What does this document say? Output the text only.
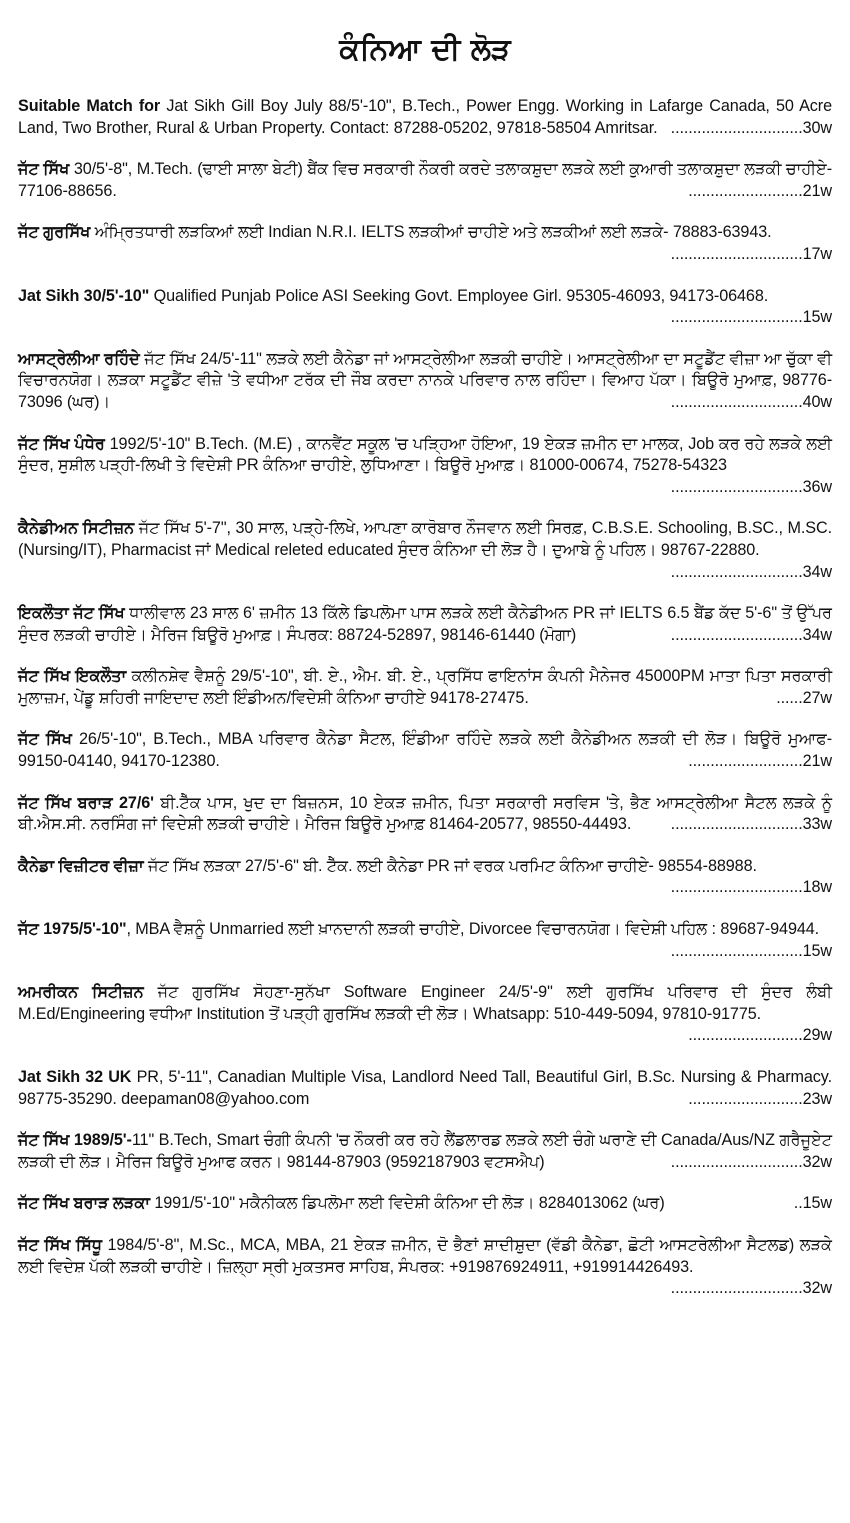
ਕੰਨਿਆ ਦੀ ਲੋੜ
Suitable Match for Jat Sikh Gill Boy July 88/5'-10", B.Tech., Power Engg. Working in Lafarge Canada, 50 Acre Land, Two Brother, Rural & Urban Property. Contact: 87288-05202, 97818-58504 Amritsar. ..............................30w
ਜੱਟ ਸਿੱਖ 30/5'-8", M.Tech. (ਢਾਈ ਸਾਲਾ ਬੇਟੀ) ਬੈਂਕ ਵਿਚ ਸਰਕਾਰੀ ਨੌਕਰੀ ਕਰਦੇ ਤਲਾਕਸ਼ੁਦਾ ਲੜਕੇ ਲਈ ਕੁਆਰੀ ਤਲਾਕਸ਼ੁਦਾ ਲੜਕੀ ਚਾਹੀਏ- 77106-88656.	..........................21w
ਜੱਟ ਗੁਰਸਿੱਖ ਅੰਮ੍ਰਿਤਧਾਰੀ ਲੜਕਿਆਂ ਲਈ Indian N.R.I. IELTS ਲੜਕੀਆਂ ਚਾਹੀਏ ਅਤੇ ਲੜਕੀਆਂ ਲਈ ਲੜਕੇ- 78883-63943.
..............................17w
Jat Sikh 30/5'-10" Qualified Punjab Police ASI Seeking Govt. Employee Girl. 95305-46093, 94173-06468.
..............................15w
ਆਸਟ੍ਰੇਲੀਆ ਰਹਿੰਦੇ ਜੱਟ ਸਿੱਖ 24/5'-11" ਲੜਕੇ ਲਈ ਕੈਨੇਡਾ ਜਾਂ ਆਸਟ੍ਰੇਲੀਆ ਲੜਕੀ ਚਾਹੀਏ। ਆਸਟ੍ਰੇਲੀਆ ਦਾ ਸਟੂਡੈਂਟ ਵੀਜ਼ਾ ਆ ਚੁੱਕਾ ਵੀ ਵਿਚਾਰਨਯੋਗ। ਲੜਕਾ ਸਟੂਡੈਂਟ ਵੀਜ਼ੇ 'ਤੇ ਵਧੀਆ ਟਰੱਕ ਦੀ ਜੌਬ ਕਰਦਾ ਨਾਨਕੇ ਪਰਿਵਾਰ ਨਾਲ ਰਹਿੰਦਾ। ਵਿਆਹ ਪੱਕਾ। ਬਿਊਰੋ ਮੁਆਫ਼, 98776-73096 (ਘਰ)।	..............................40w
ਜੱਟ ਸਿੱਖ ਪੰਧੇਰ 1992/5'-10" B.Tech. (M.E) , ਕਾਨਵੈਂਟ ਸਕੂਲ 'ਚ ਪੜ੍ਹਿਆ ਹੋਇਆ, 19 ਏਕੜ ਜ਼ਮੀਨ ਦਾ ਮਾਲਕ, Job ਕਰ ਰਹੇ ਲੜਕੇ ਲਈ ਸੁੰਦਰ, ਸੁਸ਼ੀਲ ਪੜ੍ਹੀ-ਲਿਖੀ ਤੇ ਵਿਦੇਸ਼ੀ PR ਕੰਨਿਆ ਚਾਹੀਏ, ਲੁਧਿਆਣਾ। ਬਿਊਰੋ ਮੁਆਫ਼। 81000-00674, 75278-54323
..............................36w
ਕੈਨੇਡੀਅਨ ਸਿਟੀਜ਼ਨ ਜੱਟ ਸਿੱਖ 5'-7", 30 ਸਾਲ, ਪੜ੍ਹੇ-ਲਿਖੇ, ਆਪਣਾ ਕਾਰੋਬਾਰ ਨੌਜਵਾਨ ਲਈ ਸਿਰਫ਼, C.B.S.E. Schooling, B.SC., M.SC. (Nursing/IT), Pharmacist ਜਾਂ Medical releted educated ਸੁੰਦਰ ਕੰਨਿਆ ਦੀ ਲੋੜ ਹੈ। ਦੁਆਬੇ ਨੂੰ ਪਹਿਲ। 98767-22880.
..............................34w
ਇਕਲੌਤਾ ਜੱਟ ਸਿੱਖ ਧਾਲੀਵਾਲ 23 ਸਾਲ 6' ਜ਼ਮੀਨ 13 ਕਿੱਲੇ ਡਿਪਲੋਮਾ ਪਾਸ ਲੜਕੇ ਲਈ ਕੈਨੇਡੀਅਨ PR ਜਾਂ IELTS 6.5 ਬੈਂਡ ਕੱਦ 5'-6" ਤੋਂ ਉੱਪਰ ਸੁੰਦਰ ਲੜਕੀ ਚਾਹੀਏ। ਮੈਰਿਜ ਬਿਊਰੋ ਮੁਆਫ਼। ਸੰਪਰਕ: 88724-52897, 98146-61440 (ਮੋਗਾ)	..............................34w
ਜੱਟ ਸਿੱਖ ਇਕਲੌਤਾ ਕਲੀਨਸ਼ੇਵ ਵੈਸ਼ਨੂੰ 29/5'-10", ਬੀ. ਏ., ਐਮ. ਬੀ. ਏ., ਪ੍ਰਸਿੱਧ ਫਾਇਨਾਂਸ ਕੰਪਨੀ ਮੈਨੇਜਰ 45000PM ਮਾਤਾ ਪਿਤਾ ਸਰਕਾਰੀ ਮੁਲਾਜ਼ਮ, ਪੇਂਡੂ ਸ਼ਹਿਰੀ ਜਾਇਦਾਦ ਲਈ ਇੰਡੀਅਨ/ਵਿਦੇਸ਼ੀ ਕੰਨਿਆ ਚਾਹੀਏ 94178-27475.	......27w
ਜੱਟ ਸਿੱਖ 26/5'-10", B.Tech., MBA ਪਰਿਵਾਰ ਕੈਨੇਡਾ ਸੈਟਲ, ਇੰਡੀਆ ਰਹਿੰਦੇ ਲੜਕੇ ਲਈ ਕੈਨੇਡੀਅਨ ਲੜਕੀ ਦੀ ਲੋੜ। ਬਿਊਰੋ ਮੁਆਫ- 99150-04140, 94170-12380.	..........................21w
ਜੱਟ ਸਿੱਖ ਬਰਾੜ 27/6' ਬੀ.ਟੈੱਕ ਪਾਸ, ਖੁਦ ਦਾ ਬਿਜ਼ਨਸ, 10 ਏਕੜ ਜ਼ਮੀਨ, ਪਿਤਾ ਸਰਕਾਰੀ ਸਰਵਿਸ 'ਤੇ, ਭੈਣ ਆਸਟ੍ਰੇਲੀਆ ਸੈਟਲ ਲੜਕੇ ਨੂੰ ਬੀ.ਐਸ.ਸੀ. ਨਰਸਿੰਗ ਜਾਂ ਵਿਦੇਸ਼ੀ ਲੜਕੀ ਚਾਹੀਏ। ਮੈਰਿਜ ਬਿਊਰੋ ਮੁਆਫ਼ 81464-20577, 98550-44493. ..............................33w
ਕੈਨੇਡਾ ਵਿਜ਼ੀਟਰ ਵੀਜ਼ਾ ਜੱਟ ਸਿੱਖ ਲੜਕਾ 27/5'-6" ਬੀ. ਟੈੱਕ. ਲਈ ਕੈਨੇਡਾ PR ਜਾਂ ਵਰਕ ਪਰਮਿਟ ਕੰਨਿਆ ਚਾਹੀਏ- 98554-88988.
..............................18w
ਜੱਟ 1975/5'-10", MBA ਵੈਸ਼ਨੂੰ Unmarried ਲਈ ਖ਼ਾਨਦਾਨੀ ਲੜਕੀ ਚਾਹੀਏ, Divorcee ਵਿਚਾਰਨਯੋਗ। ਵਿਦੇਸ਼ੀ ਪਹਿਲ : 89687-94944.
..............................15w
ਅਮਰੀਕਨ ਸਿਟੀਜ਼ਨ ਜੱਟ ਗੁਰਸਿੱਖ ਸੋਹਣਾ-ਸੁਨੱਖਾ Software Engineer 24/5'-9" ਲਈ ਗੁਰਸਿੱਖ ਪਰਿਵਾਰ ਦੀ ਸੁੰਦਰ ਲੰਬੀ M.Ed/Engineering ਵਧੀਆ Institution ਤੋਂ ਪੜ੍ਹੀ ਗੁਰਸਿੱਖ ਲੜਕੀ ਦੀ ਲੋੜ। Whatsapp: 510-449-5094, 97810-91775.
..........................29w
Jat Sikh 32 UK PR, 5'-11", Canadian Multiple Visa, Landlord Need Tall, Beautiful Girl, B.Sc. Nursing & Pharmacy. 98775-35290. deepaman08@yahoo.com	..........................23w
ਜੱਟ ਸਿੱਖ 1989/5'-11" B.Tech, Smart ਚੰਗੀ ਕੰਪਨੀ 'ਚ ਨੌਕਰੀ ਕਰ ਰਹੇ ਲੈਂਡਲਾਰਡ ਲੜਕੇ ਲਈ ਚੰਗੇ ਘਰਾਣੇ ਦੀ Canada/Aus/NZ ਗਰੈਜੂਏਟ ਲੜਕੀ ਦੀ ਲੋੜ। ਮੈਰਿਜ ਬਿਊਰੋ ਮੁਆਫ ਕਰਨ। 98144-87903 (9592187903 ਵਟਸਐਪ)	..............................32w
ਜੱਟ ਸਿੱਖ ਬਰਾੜ ਲੜਕਾ 1991/5'-10" ਮਕੈਨੀਕਲ ਡਿਪਲੋਮਾ ਲਈ ਵਿਦੇਸ਼ੀ ਕੰਨਿਆ ਦੀ ਲੋੜ। 8284013062 (ਘਰ)	..15w
ਜੱਟ ਸਿੱਖ ਸਿੱਧੂ 1984/5'-8", M.Sc., MCA, MBA, 21 ਏਕੜ ਜ਼ਮੀਨ, ਦੋ ਭੈਣਾਂ ਸ਼ਾਦੀਸ਼ੁਦਾ (ਵੱਡੀ ਕੈਨੇਡਾ, ਛੋਟੀ ਆਸਟਰੇਲੀਆ ਸੈਟਲਡ) ਲੜਕੇ ਲਈ ਵਿਦੇਸ਼ ਪੱਕੀ ਲੜਕੀ ਚਾਹੀਏ। ਜ਼ਿਲ੍ਹਾ ਸ੍ਰੀ ਮੁਕਤਸਰ ਸਾਹਿਬ, ਸੰਪਰਕ: +919876924911, +919914426493.
..............................32w
